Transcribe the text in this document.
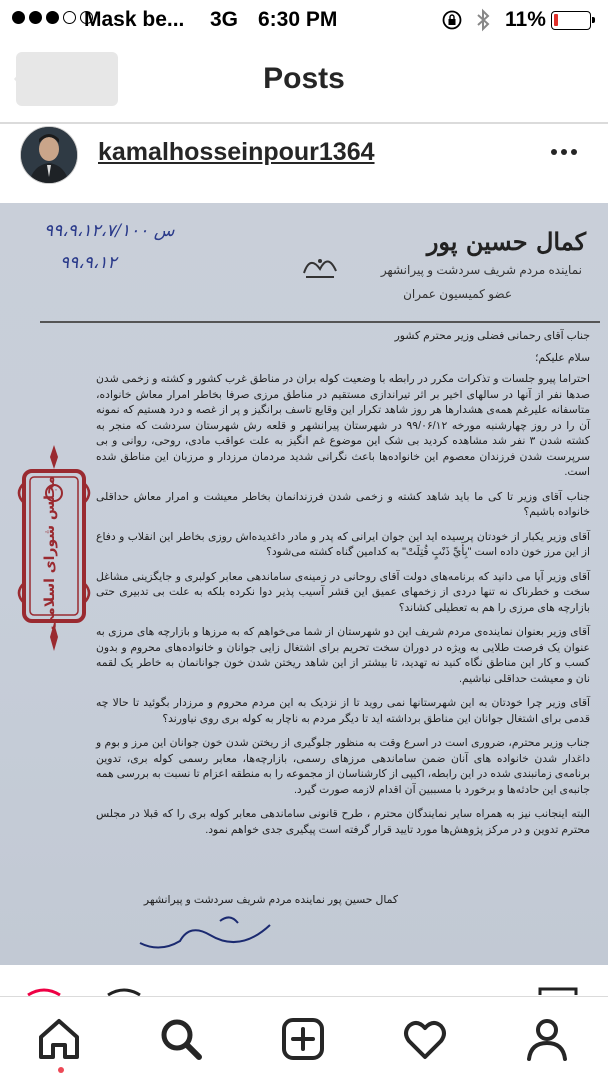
Mask be... 3G 6:30 PM	11%
Posts
kamalhosseinpour1364
۹۹،۹،۱۲،۷/۱۰۰ س
۹۹،۹،۱۲
کمال حسین پور
نماینده مردم شریف سردشت و پیرانشهر
عضو کمیسیون عمران
مجلس شورای اسلامی

جناب آقای رحمانی فضلی وزیر محترم کشور

سلام علیکم؛

احتراما پیرو جلسات و تذکرات مکرر در رابطه با وضعیت کوله بران در مناطق غرب کشور و کشته و زخمی شدن صدها نفر از آنها در سالهای اخیر بر اثر تیراندازی مستقیم در مناطق مرزی صرفا بخاطر امرار معاش خانواده، متاسفانه علیرغم همه‌ی هشدارها هر روز شاهد تکرار این وقایع تاسف برانگیز و پر از غصه و درد هستیم که نمونه آن را در روز چهارشنبه مورخه ۹۹/۰۶/۱۲ در شهرستان پیرانشهر و قلعه رش شهرستان سردشت که منجر به کشته شدن ۳ نفر شد مشاهده کردید بی شک این موضوع غم انگیز به علت عواقب مادی، روحی، روانی و بی سرپرست شدن فرزندان معصوم این خانواده‌ها باعث نگرانی شدید مردمان مرزدار و مرزبان این مناطق شده است.

جناب آقای وزیر تا کی ما باید شاهد کشته و زخمی شدن فرزندانمان بخاطر معیشت و امرار معاش حداقلی خانواده باشیم؟

آقای وزیر یکبار از خودتان پرسیده اید این جوان ایرانی که پدر و مادر داغدیده‌اش روزی بخاطر این انقلاب و دفاع از این مرز خون داده است "بِأَيِّ ذَنْبٍ قُتِلَتْ" به کدامین گناه کشته می‌شود؟

آقای وزیر آیا می دانید که برنامه‌های دولت آقای روحانی در زمینه‌ی ساماندهی معابر کولبری و جایگزینی مشاغل سخت و خطرناک نه تنها دردی از زخمهای عمیق این قشر آسیب پذیر دوا نکرده بلکه به علت بی تدبیری حتی بازارچه های مرزی را هم به تعطیلی کشاند؟

آقای وزیر بعنوان نماینده‌ی مردم شریف این دو شهرستان از شما می‌خواهم که به مرزها و بازارچه های مرزی به عنوان یک فرصت طلایی به ویژه در دوران سخت تحریم برای اشتغال زایی جوانان و خانواده‌های محروم و بدون کسب و کار این مناطق نگاه کنید نه تهدید، تا بیشتر از این شاهد ریختن شدن خون جوانانمان به خاطر یک لقمه نان و معیشت حداقلی نباشیم.

آقای وزیر چرا خودتان به این شهرستانها نمی روید تا از نزدیک به این مردم محروم و مرزدار بگوئید تا حالا چه قدمی برای اشتغال جوانان این مناطق برداشته اید تا دیگر مردم به ناچار به کوله بری روی نیاورند؟

جناب وزیر محترم، ضروری است در اسرع وقت به منظور جلوگیری از ریختن شدن خون جوانان این مرز و بوم و داغدار شدن خانواده های آنان ضمن ساماندهی مرزهای رسمی، بازارچه‌ها، معابر رسمی کوله بری، تدوین برنامه‌ی زمانبندی شده در این رابطه، اکیپی از کارشناسان از مجموعه را به منطقه اعزام تا نسبت به بررسی همه جانبه‌ی این حادثه‌ها و برخورد با مسببین آن اقدام لازمه صورت گیرد.

البته اینجانب نیز به همراه سایر نمایندگان محترم ، طرح قانونی ساماندهی معابر کوله بری را که قبلا در مجلس محترم تدوین و در مرکز پژوهش‌ها مورد تایید قرار گرفته است پیگیری جدی خواهم نمود.

کمال حسین پور نماینده مردم شریف سردشت و پیرانشهر
